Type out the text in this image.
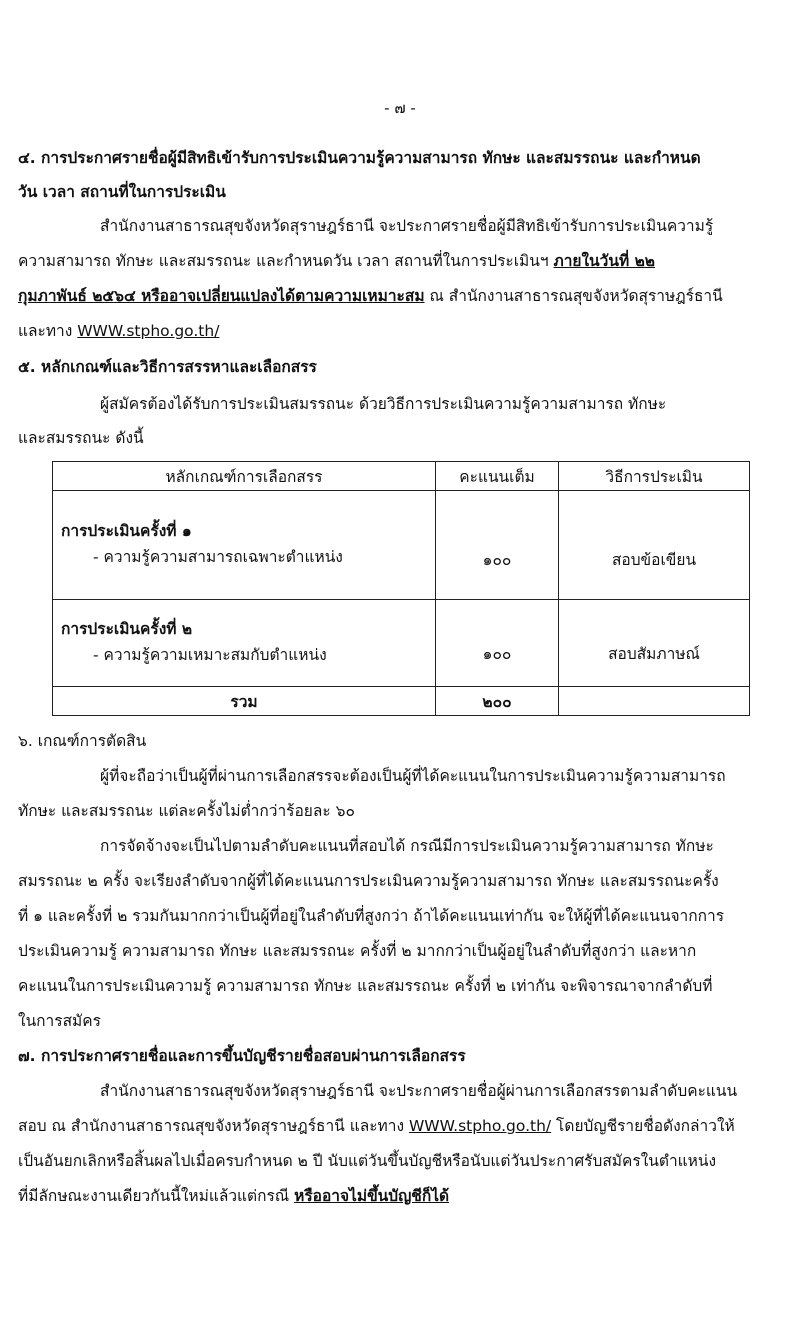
- ๗ -
๔. การประกาศรายชื่อผู้มีสิทธิเข้ารับการประเมินความรู้ความสามารถ ทักษะ และสมรรถนะ และกำหนด
วัน เวลา สถานที่ในการประเมิน
สำนักงานสาธารณสุขจังหวัดสุราษฎร์ธานี จะประกาศรายชื่อผู้มีสิทธิเข้ารับการประเมินความรู้
ความสามารถ ทักษะ และสมรรถนะ และกำหนดวัน เวลา สถานที่ในการประเมินฯ ภายในวันที่ ๒๒
กุมภาพันธ์ ๒๕๖๔ หรืออาจเปลี่ยนแปลงได้ตามความเหมาะสม ณ สำนักงานสาธารณสุขจังหวัดสุราษฎร์ธานี
และทาง WWW.stpho.go.th/
๕. หลักเกณฑ์และวิธีการสรรหาและเลือกสรร
ผู้สมัครต้องได้รับการประเมินสมรรถนะ ด้วยวิธีการประเมินความรู้ความสามารถ ทักษะ
และสมรรถนะ ดังนี้
หลักเกณฑ์การเลือกสรร	คะแนนเต็ม	วิธีการประเมิน

การประเมินครั้งที่ ๑
- ความรู้ความสามารถเฉพาะตำแหน่ง	๑๐๐	สอบข้อเขียน

การประเมินครั้งที่ ๒
- ความรู้ความเหมาะสมกับตำแหน่ง	๑๐๐	สอบสัมภาษณ์
รวม	๒๐๐	
๖. เกณฑ์การตัดสิน
ผู้ที่จะถือว่าเป็นผู้ที่ผ่านการเลือกสรรจะต้องเป็นผู้ที่ได้คะแนนในการประเมินความรู้ความสามารถ
ทักษะ และสมรรถนะ แต่ละครั้งไม่ต่ำกว่าร้อยละ ๖๐
การจัดจ้างจะเป็นไปตามลำดับคะแนนที่สอบได้ กรณีมีการประเมินความรู้ความสามารถ ทักษะ
สมรรถนะ ๒ ครั้ง จะเรียงลำดับจากผู้ที่ได้คะแนนการประเมินความรู้ความสามารถ ทักษะ และสมรรถนะครั้ง
ที่ ๑ และครั้งที่ ๒ รวมกันมากกว่าเป็นผู้ที่อยู่ในลำดับที่สูงกว่า ถ้าได้คะแนนเท่ากัน จะให้ผู้ที่ได้คะแนนจากการ
ประเมินความรู้ ความสามารถ ทักษะ และสมรรถนะ ครั้งที่ ๒ มากกว่าเป็นผู้อยู่ในลำดับที่สูงกว่า และหาก
คะแนนในการประเมินความรู้ ความสามารถ ทักษะ และสมรรถนะ ครั้งที่ ๒ เท่ากัน จะพิจารณาจากลำดับที่
ในการสมัคร
๗. การประกาศรายชื่อและการขึ้นบัญชีรายชื่อสอบผ่านการเลือกสรร
สำนักงานสาธารณสุขจังหวัดสุราษฎร์ธานี จะประกาศรายชื่อผู้ผ่านการเลือกสรรตามลำดับคะแนน
สอบ ณ สำนักงานสาธารณสุขจังหวัดสุราษฎร์ธานี และทาง WWW.stpho.go.th/ โดยบัญชีรายชื่อดังกล่าวให้
เป็นอันยกเลิกหรือสิ้นผลไปเมื่อครบกำหนด ๒ ปี นับแต่วันขึ้นบัญชีหรือนับแต่วันประกาศรับสมัครในตำแหน่ง
ที่มีลักษณะงานเดียวกันนี้ใหม่แล้วแต่กรณี หรืออาจไม่ขึ้นบัญชีก็ได้
